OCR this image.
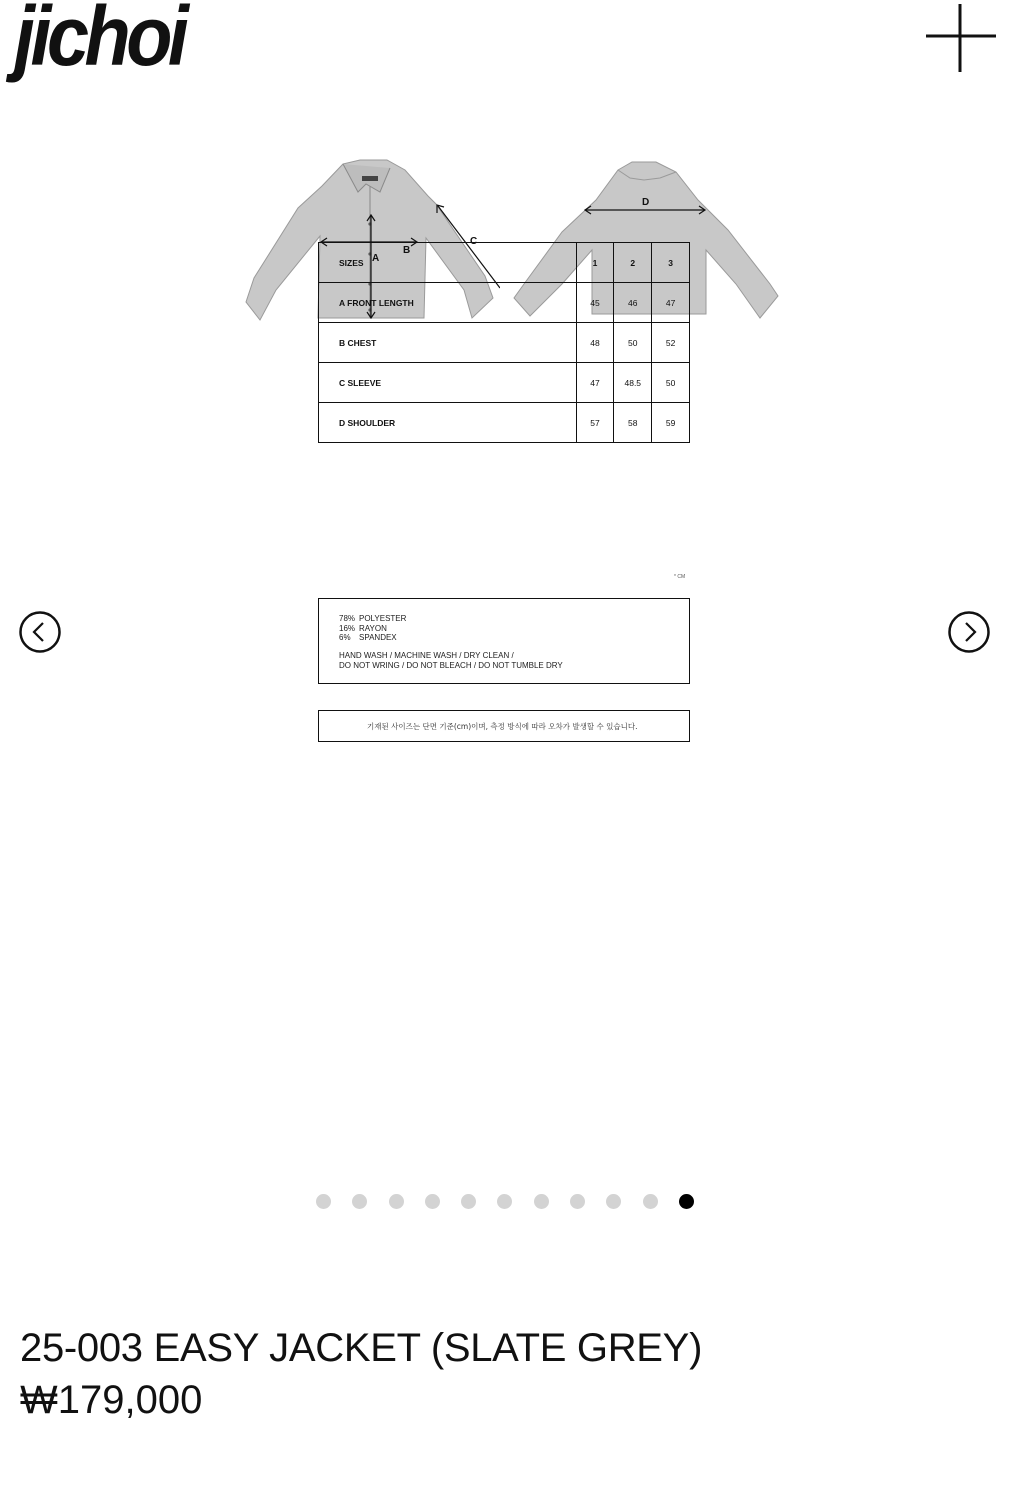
jichoi
A
B
C
D
SIZES	1	2	3
A FRONT LENGTH	45	46	47
B CHEST	48	50	52
C SLEEVE	47	48.5	50
D SHOULDER	57	58	59
* CM
78% POLYESTER
16% RAYON
6% SPANDEX
HAND WASH / MACHINE WASH / DRY CLEAN /
DO NOT WRING / DO NOT BLEACH / DO NOT TUMBLE DRY
기재된 사이즈는 단면 기준(cm)이며, 측정 방식에 따라 오차가 발생할 수 있습니다.
25-003 EASY JACKET (SLATE GREY)
₩179,000
